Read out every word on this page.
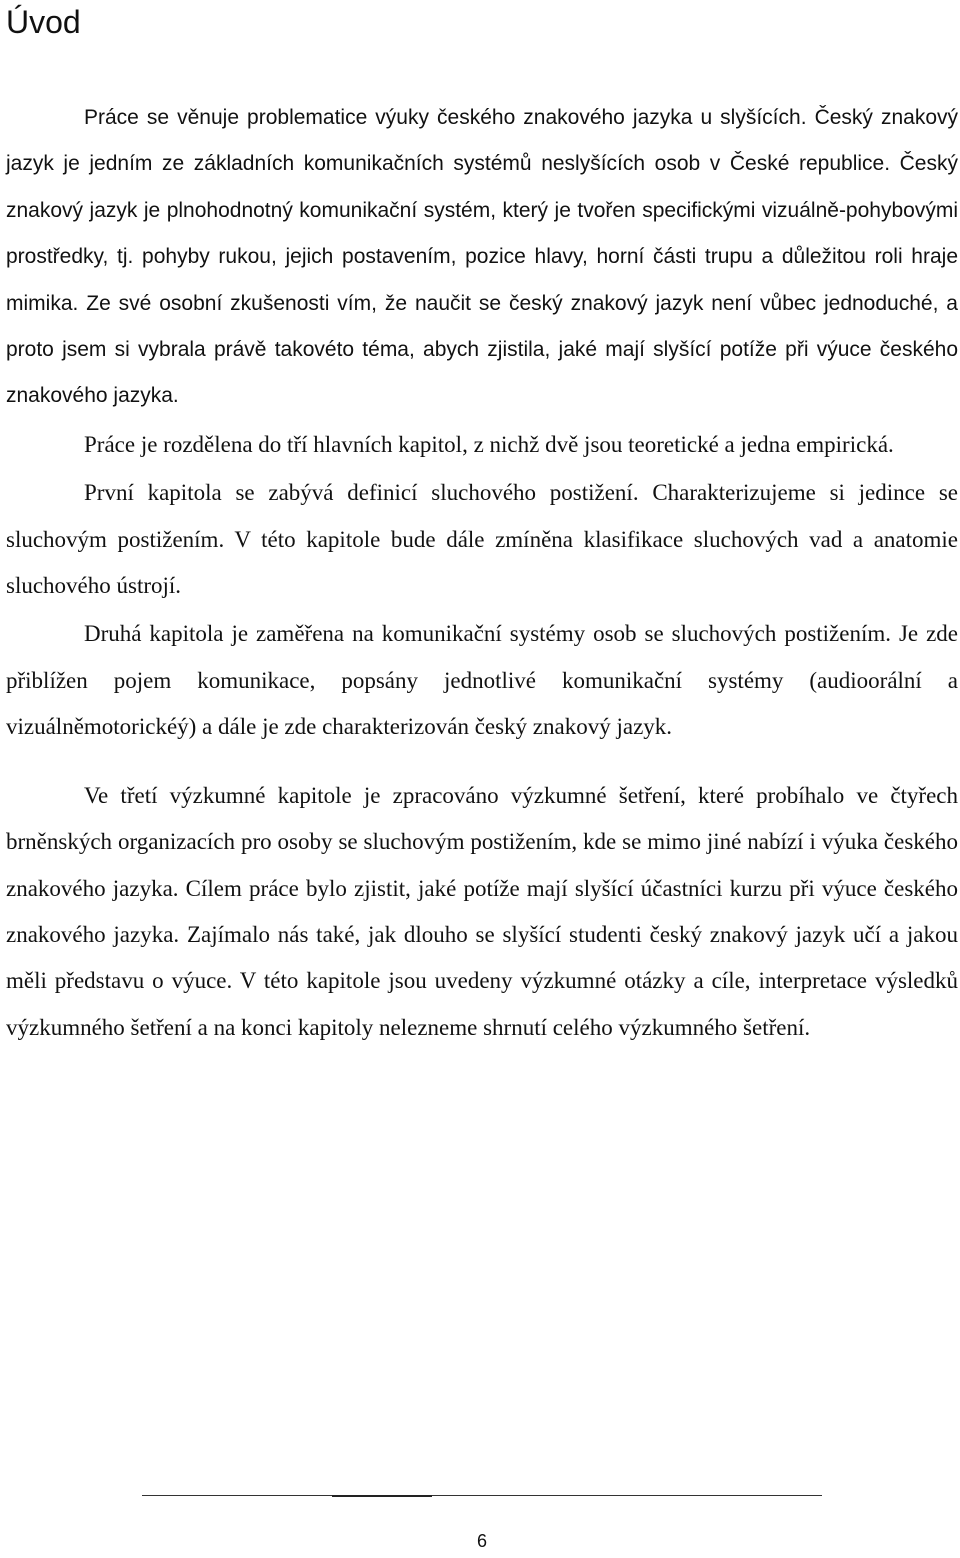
Úvod

Práce se věnuje problematice výuky českého znakového jazyka u slyšících. Český znakový jazyk je jedním ze základních komunikačních systémů neslyšících osob v České republice. Český znakový jazyk je plnohodnotný komunikační systém, který je tvořen specifickými vizuálně-pohybovými prostředky, tj. pohyby rukou, jejich postavením, pozice hlavy, horní části trupu a důležitou roli hraje mimika. Ze své osobní zkušenosti vím, že naučit se český znakový jazyk není vůbec jednoduché, a proto jsem si vybrala právě takovéto téma, abych zjistila, jaké mají slyšící potíže při výuce českého znakového jazyka.

Práce je rozdělena do tří hlavních kapitol, z nichž dvě jsou teoretické a jedna empirická.

První kapitola se zabývá definicí sluchového postižení. Charakterizujeme si jedince se sluchovým postižením. V této kapitole bude dále zmíněna klasifikace sluchových vad a anatomie sluchového ústrojí.

Druhá kapitola je zaměřena na komunikační systémy osob se sluchových postižením. Je zde přiblížen pojem komunikace, popsány jednotlivé komunikační systémy (audioorální a vizuálněmotorickéý) a dále je zde charakterizován český znakový jazyk.

Ve třetí výzkumné kapitole je zpracováno výzkumné šetření, které probíhalo ve čtyřech brněnských organizacích pro osoby se sluchovým postižením, kde se mimo jiné nabízí i výuka českého znakového jazyka. Cílem práce bylo zjistit, jaké potíže mají slyšící účastníci kurzu při výuce českého znakového jazyka. Zajímalo nás také, jak dlouho se slyšící studenti český znakový jazyk učí a jakou měli představu o výuce. V této kapitole jsou uvedeny výzkumné otázky a cíle, interpretace výsledků výzkumného šetření a na konci kapitoly nelezneme shrnutí celého výzkumného šetření.

6
